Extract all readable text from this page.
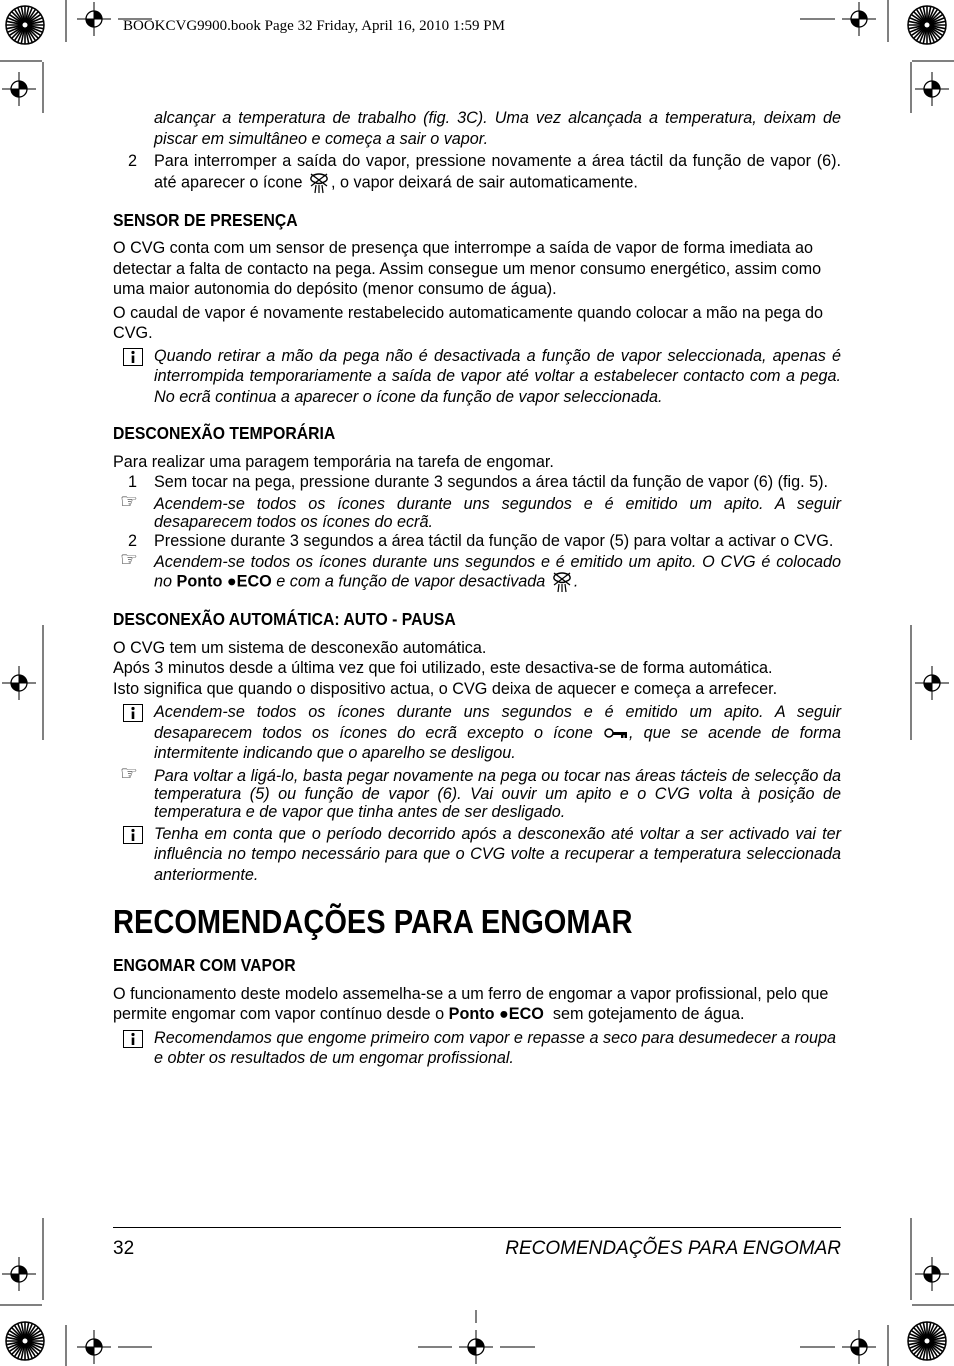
BOOKCVG9900.book Page 32 Friday, April 16, 2010 1:59 PM

alcançar a temperatura de trabalho (fig. 3C). Uma vez alcançada a temperatura, deixam de piscar em simultâneo e começa a sair o vapor.

2 Para interromper a saída do vapor, pressione novamente a área táctil da função de vapor (6). até aparecer o ícone , o vapor deixará de sair automaticamente.

SENSOR DE PRESENÇA

O CVG conta com um sensor de presença que interrompe a saída de vapor de forma imediata ao detectar a falta de contacto na pega. Assim consegue um menor consumo energético, assim como uma maior autonomia do depósito (menor consumo de água).

O caudal de vapor é novamente restabelecido automaticamente quando colocar a mão na pega do CVG.

Quando retirar a mão da pega não é desactivada a função de vapor seleccionada, apenas é interrompida temporariamente a saída de vapor até voltar a estabelecer contacto com a pega. No ecrã continua a aparecer o ícone da função de vapor seleccionada.

DESCONEXÃO TEMPORÁRIA

Para realizar uma paragem temporária na tarefa de engomar.

1 Sem tocar na pega, pressione durante 3 segundos a área táctil da função de vapor (6) (fig. 5).

☞ Acendem-se todos os ícones durante uns segundos e é emitido um apito. A seguir desaparecem todos os ícones do ecrã.

2 Pressione durante 3 segundos a área táctil da função de vapor (5) para voltar a activar o CVG.

☞ Acendem-se todos os ícones durante uns segundos e é emitido um apito. O CVG é colocado no Ponto ●ECO e com a função de vapor desactivada .

DESCONEXÃO AUTOMÁTICA: AUTO - PAUSA

O CVG tem um sistema de desconexão automática.

Após 3 minutos desde a última vez que foi utilizado, este desactiva-se de forma automática.

Isto significa que quando o dispositivo actua, o CVG deixa de aquecer e começa a arrefecer.

Acendem-se todos os ícones durante uns segundos e é emitido um apito. A seguir desaparecem todos os ícones do ecrã excepto o ícone , que se acende de forma intermitente indicando que o aparelho se desligou.

☞ Para voltar a ligá-lo, basta pegar novamente na pega ou tocar nas áreas tácteis de selecção da temperatura (5) ou função de vapor (6). Vai ouvir um apito e o CVG volta à posição de temperatura e de vapor que tinha antes de ser desligado.

Tenha em conta que o período decorrido após a desconexão até voltar a ser activado vai ter influência no tempo necessário para que o CVG volte a recuperar a temperatura seleccionada anteriormente.

RECOMENDAÇÕES PARA ENGOMAR
ENGOMAR COM VAPOR

O funcionamento deste modelo assemelha-se a um ferro de engomar a vapor profissional, pelo que permite engomar com vapor contínuo desde o Ponto ●ECO sem gotejamento de água.

Recomendamos que engome primeiro com vapor e repasse a seco para desumedecer a roupa e obter os resultados de um engomar profissional.

32	RECOMENDAÇÕES PARA ENGOMAR
